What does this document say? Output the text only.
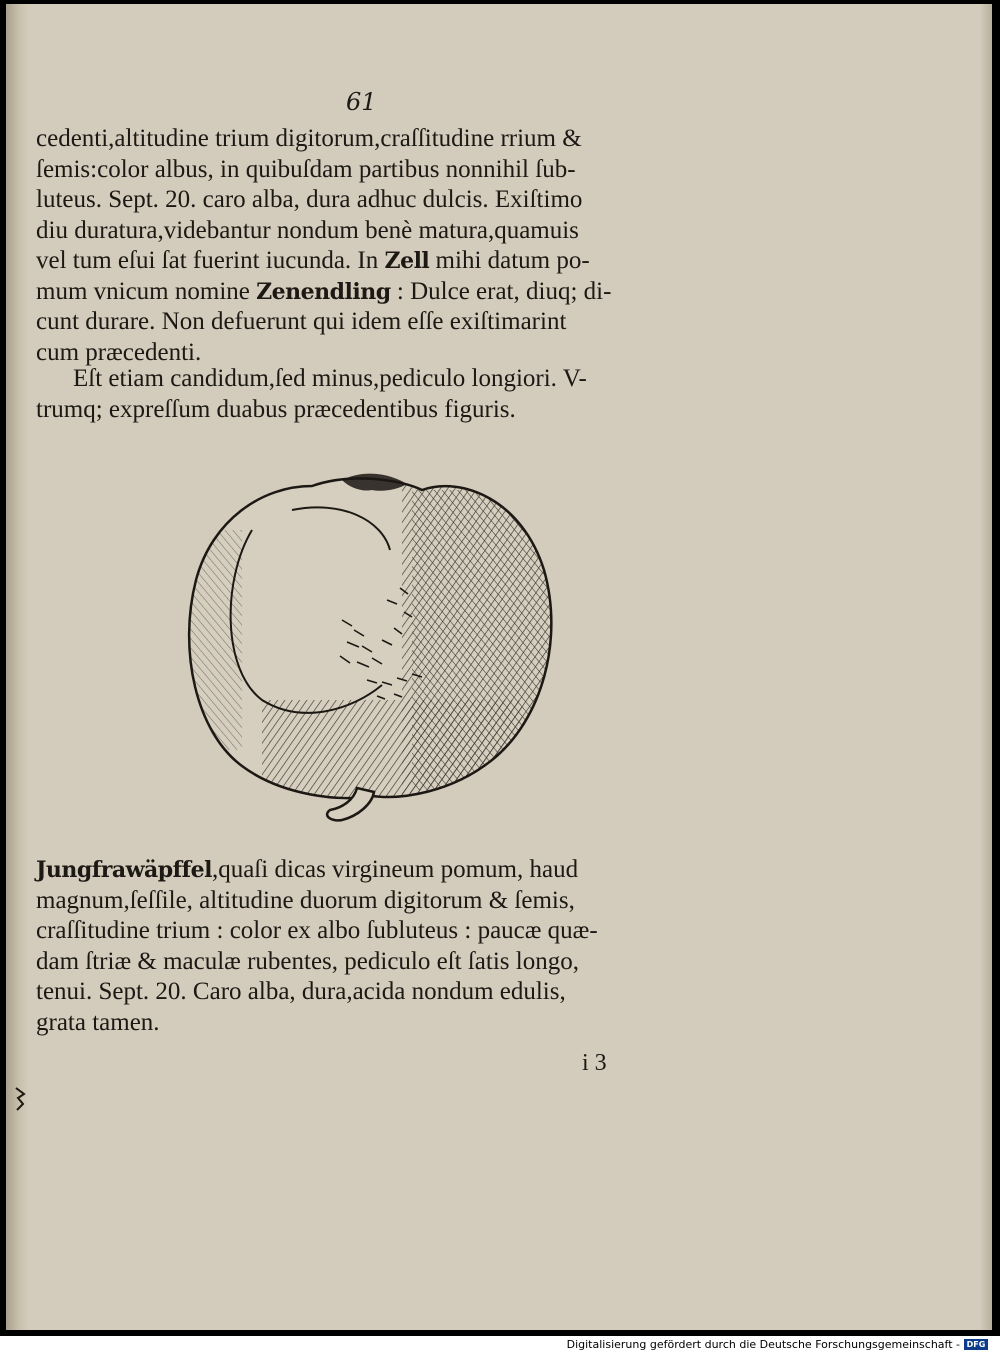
61
cedenti,altitudine trium digitorum,craſſitudine rrium &
ſemis:color albus, in quibuſdam partibus nonnihil ſub-
luteus. Sept. 20. caro alba, dura adhuc dulcis. Exiſtimo
diu duratura,videbantur nondum benè matura,quamuis
vel tum eſui ſat fuerint iucunda. In Zell mihi datum po-
mum vnicum nomine Zenendling : Dulce erat, diuq; di-
cunt durare. Non defuerunt qui idem eſſe exiſtimarint
cum præcedenti.
Eſt etiam candidum,ſed minus,pediculo longiori. V-
trumq; expreſſum duabus præcedentibus figuris.
Jungfrawäpffel,quaſi dicas virgineum pomum, haud
magnum,ſeſſile, altitudine duorum digitorum & ſemis,
craſſitudine trium : color ex albo ſubluteus : paucæ quæ-
dam ſtriæ & maculæ rubentes, pediculo eſt ſatis longo,
tenui. Sept. 20. Caro alba, dura,acida nondum edulis,
grata tamen.
i 3
Digitalisierung gefördert durch die Deutsche Forschungsgemeinschaft - DFG
